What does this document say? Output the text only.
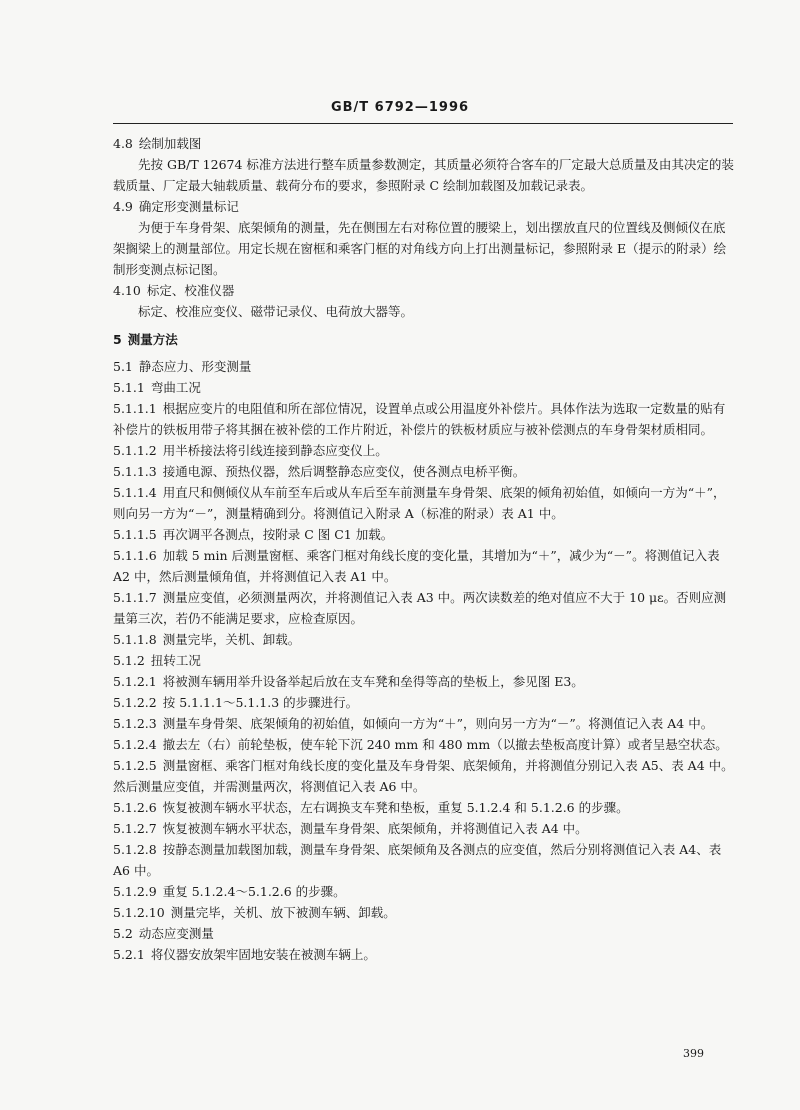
GB/T 6792—1996

4.8 绘制加载图

先按 GB/T 12674 标准方法进行整车质量参数测定，其质量必须符合客车的厂定最大总质量及由其决定的装载质量、厂定最大轴载质量、载荷分布的要求，参照附录 C 绘制加载图及加载记录表。

4.9 确定形变测量标记

为便于车身骨架、底架倾角的测量，先在侧围左右对称位置的腰梁上，划出摆放直尺的位置线及侧倾仪在底架搁梁上的测量部位。用定长规在窗框和乘客门框的对角线方向上打出测量标记，参照附录 E（提示的附录）绘制形变测点标记图。

4.10 标定、校准仪器

标定、校准应变仪、磁带记录仪、电荷放大器等。

5 测量方法

5.1 静态应力、形变测量

5.1.1 弯曲工况

5.1.1.1 根据应变片的电阻值和所在部位情况，设置单点或公用温度外补偿片。具体作法为选取一定数量的贴有补偿片的铁板用带子将其捆在被补偿的工作片附近，补偿片的铁板材质应与被补偿测点的车身骨架材质相同。

5.1.1.2 用半桥接法将引线连接到静态应变仪上。

5.1.1.3 接通电源、预热仪器，然后调整静态应变仪，使各测点电桥平衡。

5.1.1.4 用直尺和侧倾仪从车前至车后或从车后至车前测量车身骨架、底架的倾角初始值，如倾向一方为“＋”，则向另一方为“－”，测量精确到分。将测值记入附录 A（标准的附录）表 A1 中。

5.1.1.5 再次调平各测点，按附录 C 图 C1 加载。

5.1.1.6 加载 5 min 后测量窗框、乘客门框对角线长度的变化量，其增加为“＋”，减少为“－”。将测值记入表 A2 中，然后测量倾角值，并将测值记入表 A1 中。

5.1.1.7 测量应变值，必须测量两次，并将测值记入表 A3 中。两次读数差的绝对值应不大于 10 με。否则应测量第三次，若仍不能满足要求，应检查原因。

5.1.1.8 测量完毕，关机、卸载。

5.1.2 扭转工况

5.1.2.1 将被测车辆用举升设备举起后放在支车凳和垒得等高的垫板上，参见图 E3。

5.1.2.2 按 5.1.1.1～5.1.1.3 的步骤进行。

5.1.2.3 测量车身骨架、底架倾角的初始值，如倾向一方为“＋”，则向另一方为“－”。将测值记入表 A4 中。

5.1.2.4 撤去左（右）前轮垫板，使车轮下沉 240 mm 和 480 mm（以撤去垫板高度计算）或者呈悬空状态。

5.1.2.5 测量窗框、乘客门框对角线长度的变化量及车身骨架、底架倾角，并将测值分别记入表 A5、表 A4 中。然后测量应变值，并需测量两次，将测值记入表 A6 中。

5.1.2.6 恢复被测车辆水平状态，左右调换支车凳和垫板，重复 5.1.2.4 和 5.1.2.6 的步骤。

5.1.2.7 恢复被测车辆水平状态，测量车身骨架、底架倾角，并将测值记入表 A4 中。

5.1.2.8 按静态测量加载图加载，测量车身骨架、底架倾角及各测点的应变值，然后分别将测值记入表 A4、表 A6 中。

5.1.2.9 重复 5.1.2.4～5.1.2.6 的步骤。

5.1.2.10 测量完毕，关机、放下被测车辆、卸载。

5.2 动态应变测量

5.2.1 将仪器安放架牢固地安装在被测车辆上。

399
